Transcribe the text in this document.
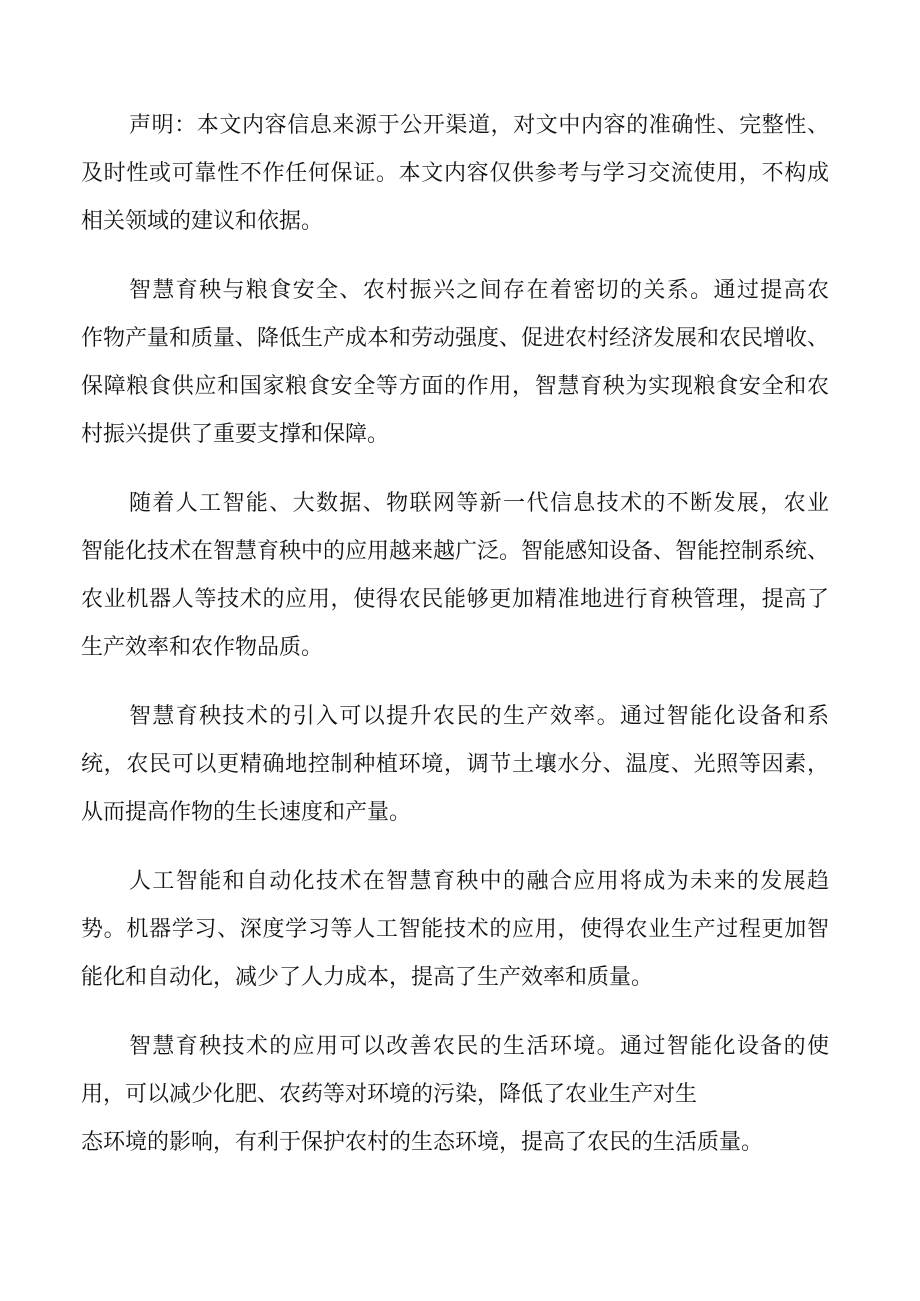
声明：本文内容信息来源于公开渠道，对文中内容的准确性、完整性、
及时性或可靠性不作任何保证。本文内容仅供参考与学习交流使用，不构成
相关领域的建议和依据。

智慧育秧与粮食安全、农村振兴之间存在着密切的关系。通过提高农
作物产量和质量、降低生产成本和劳动强度、促进农村经济发展和农民增收、
保障粮食供应和国家粮食安全等方面的作用，智慧育秧为实现粮食安全和农
村振兴提供了重要支撑和保障。

随着人工智能、大数据、物联网等新一代信息技术的不断发展，农业
智能化技术在智慧育秧中的应用越来越广泛。智能感知设备、智能控制系统、
农业机器人等技术的应用，使得农民能够更加精准地进行育秧管理，提高了
生产效率和农作物品质。

智慧育秧技术的引入可以提升农民的生产效率。通过智能化设备和系
统，农民可以更精确地控制种植环境，调节土壤水分、温度、光照等因素，
从而提高作物的生长速度和产量。

人工智能和自动化技术在智慧育秧中的融合应用将成为未来的发展趋
势。机器学习、深度学习等人工智能技术的应用，使得农业生产过程更加智
能化和自动化，减少了人力成本，提高了生产效率和质量。

智慧育秧技术的应用可以改善农民的生活环境。通过智能化设备的使
用，可以减少化肥、农药等对环境的污染，降低了农业生产对生
态环境的影响，有利于保护农村的生态环境，提高了农民的生活质量。
